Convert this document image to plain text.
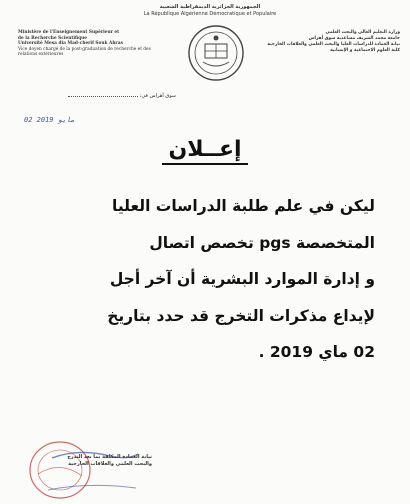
الجمهورية الجزائرية الديمقراطية الشعبية
La République Algérienne Démocratique et Populaire
Ministère de l'Enseignement Supérieur et
de la Recherche Scientifique
Université Mesa dia Mad-cherif Souk Ahras
Vice doyen chargé de la post-graduation de recherche et des relations extérieures
وزارة التعليم العالي والبحث العلمي
جامعة محمد الشريف مساعدية سوق أهراس
نيابة العمادة للدراسات العليا والبحث العلمي والعلاقات الخارجية
كلية العلوم الاجتماعية و الإنسانية
سوق أهراس في:
02 مايو 2019
إعــلان
ليكن في علم طلبة الدراسات العليا
المتخصصة pgs تخصص اتصال
و إدارة الموارد البشرية أن آخر أجل
لإيداع مذكرات التخرج قد حدد بتاريخ
02 ماي 2019 .
نيابة العمادة المكلفة بما بعد التدرج
والبحث العلمي والعلاقات الخارجية
